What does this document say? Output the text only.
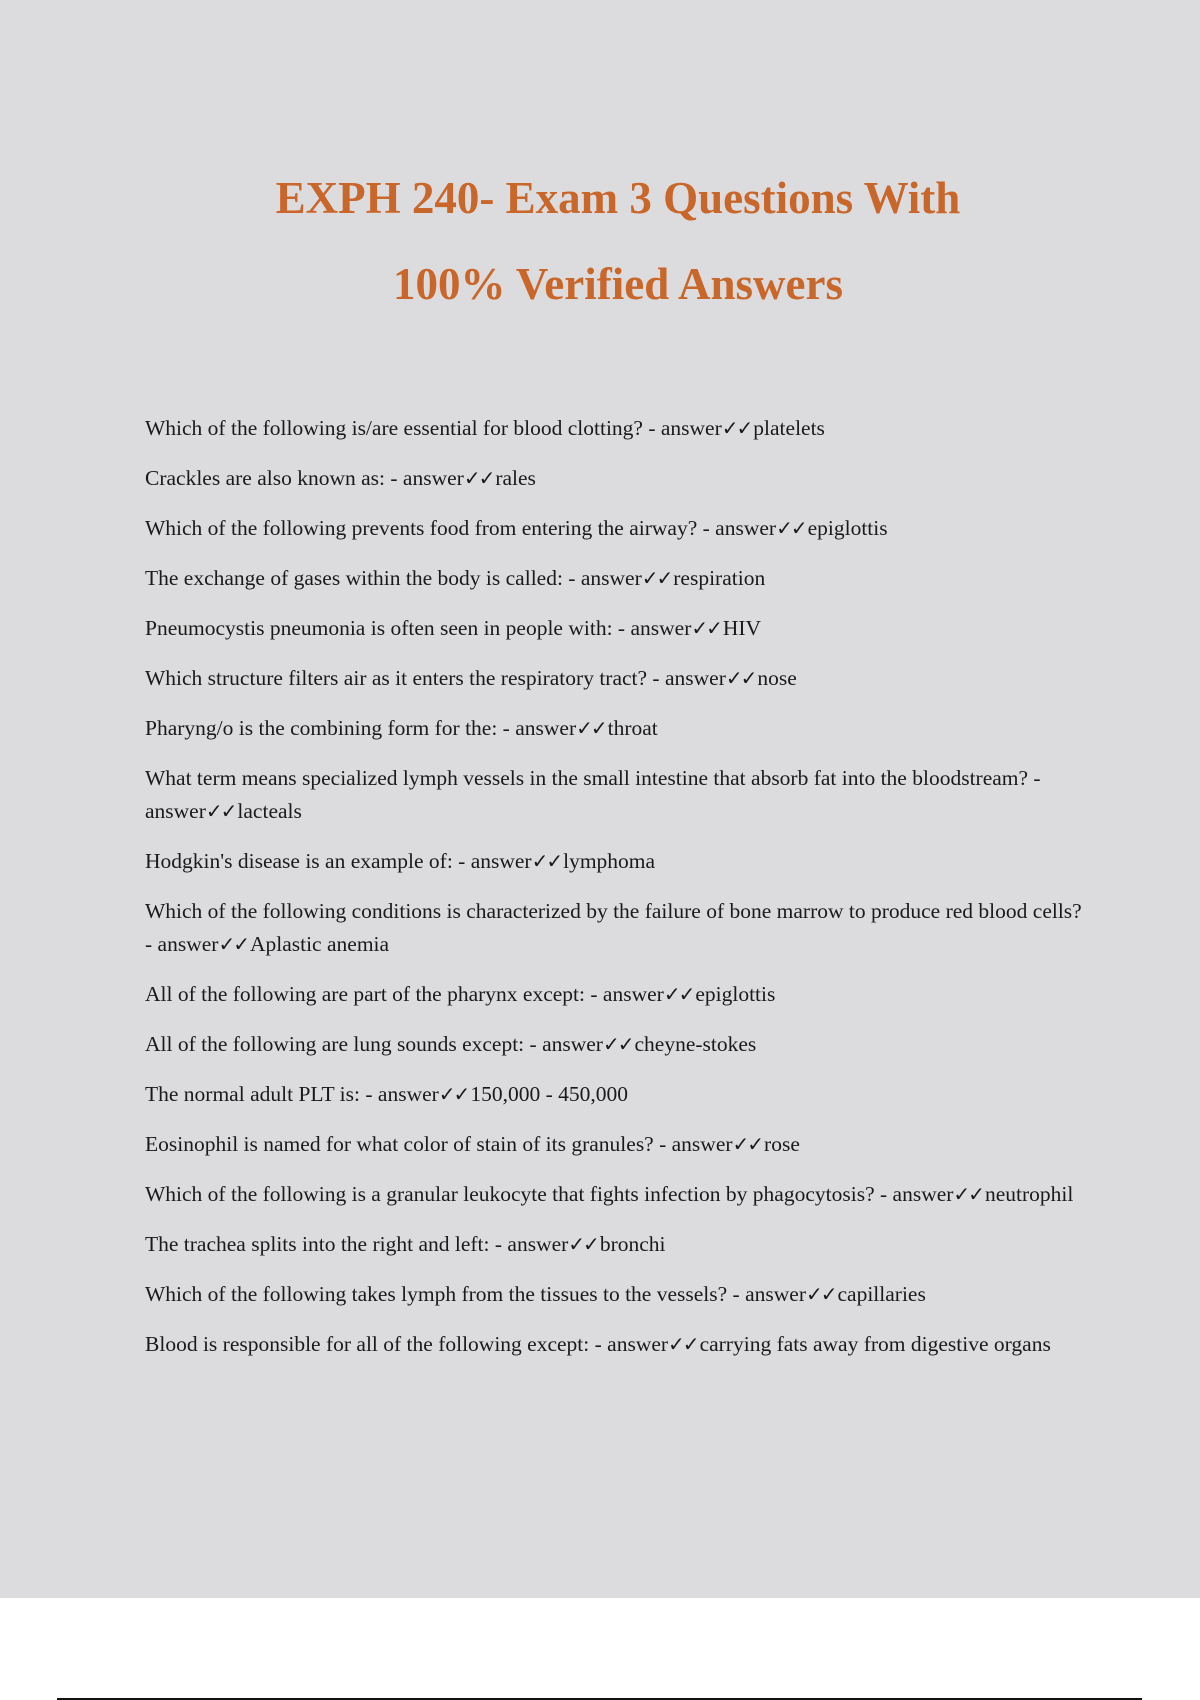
EXPH 240- Exam 3 Questions With
100% Verified Answers
Which of the following is/are essential for blood clotting? - answer✓✓platelets
Crackles are also known as: - answer✓✓rales
Which of the following prevents food from entering the airway? - answer✓✓epiglottis
The exchange of gases within the body is called: - answer✓✓respiration
Pneumocystis pneumonia is often seen in people with: - answer✓✓HIV
Which structure filters air as it enters the respiratory tract? - answer✓✓nose
Pharyng/o is the combining form for the: - answer✓✓throat
What term means specialized lymph vessels in the small intestine that absorb fat into the bloodstream? - answer✓✓lacteals
Hodgkin's disease is an example of: - answer✓✓lymphoma
Which of the following conditions is characterized by the failure of bone marrow to produce red blood cells? - answer✓✓Aplastic anemia
All of the following are part of the pharynx except: - answer✓✓epiglottis
All of the following are lung sounds except: - answer✓✓cheyne-stokes
The normal adult PLT is: - answer✓✓150,000 - 450,000
Eosinophil is named for what color of stain of its granules? - answer✓✓rose
Which of the following is a granular leukocyte that fights infection by phagocytosis? - answer✓✓neutrophil
The trachea splits into the right and left: - answer✓✓bronchi
Which of the following takes lymph from the tissues to the vessels? - answer✓✓capillaries
Blood is responsible for all of the following except: - answer✓✓carrying fats away from digestive organs
